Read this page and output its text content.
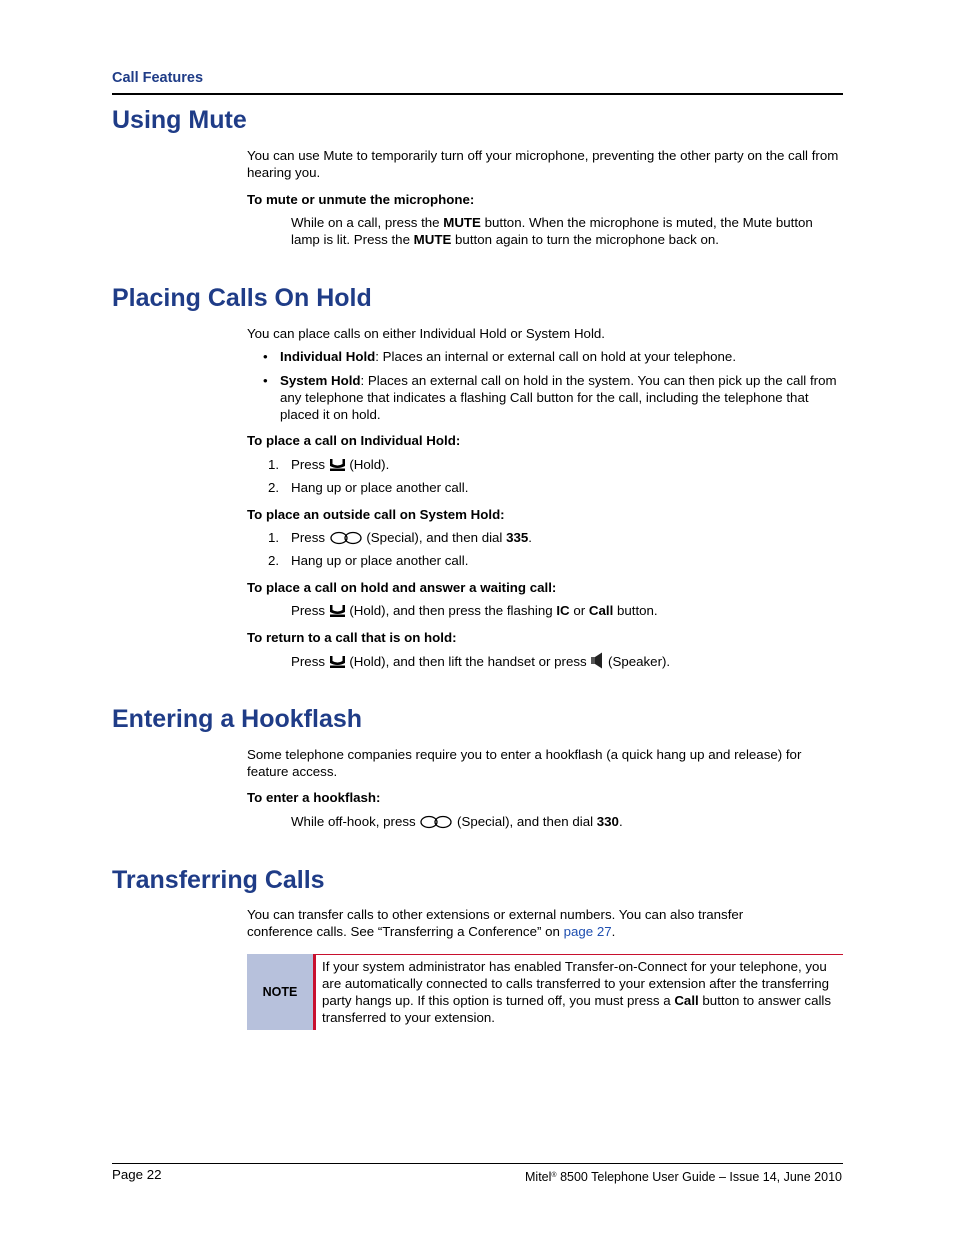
Call Features
Using Mute

You can use Mute to temporarily turn off your microphone, preventing the other party on the call from hearing you.

To mute or unmute the microphone:

While on a call, press the MUTE button. When the microphone is muted, the Mute button lamp is lit. Press the MUTE button again to turn the microphone back on.

Placing Calls On Hold

You can place calls on either Individual Hold or System Hold.

• Individual Hold: Places an internal or external call on hold at your telephone.

• System Hold: Places an external call on hold in the system. You can then pick up the call from any telephone that indicates a flashing Call button for the call, including the telephone that placed it on hold.

To place a call on Individual Hold:

1. Press  (Hold).

2. Hang up or place another call.

To place an outside call on System Hold:

1. Press	(Special), and then dial 335.

2. Hang up or place another call.

To place a call on hold and answer a waiting call:

Press  (Hold), and then press the flashing IC or Call button.

To return to a call that is on hold:

Press  (Hold), and then lift the handset or press  (Speaker).

Entering a Hookflash

Some telephone companies require you to enter a hookflash (a quick hang up and release) for feature access.

To enter a hookflash:

While off-hook, press	(Special), and then dial 330.

Transferring Calls

You can transfer calls to other extensions or external numbers. You can also transfer conference calls. See “Transferring a Conference” on page 27.

NOTE

If your system administrator has enabled Transfer-on-Connect for your telephone, you are automatically connected to calls transferred to your extension after the transferring party hangs up. If this option is turned off, you must press a Call button to answer calls transferred to your extension.

Page 22	Mitel® 8500 Telephone User Guide – Issue 14, June 2010
